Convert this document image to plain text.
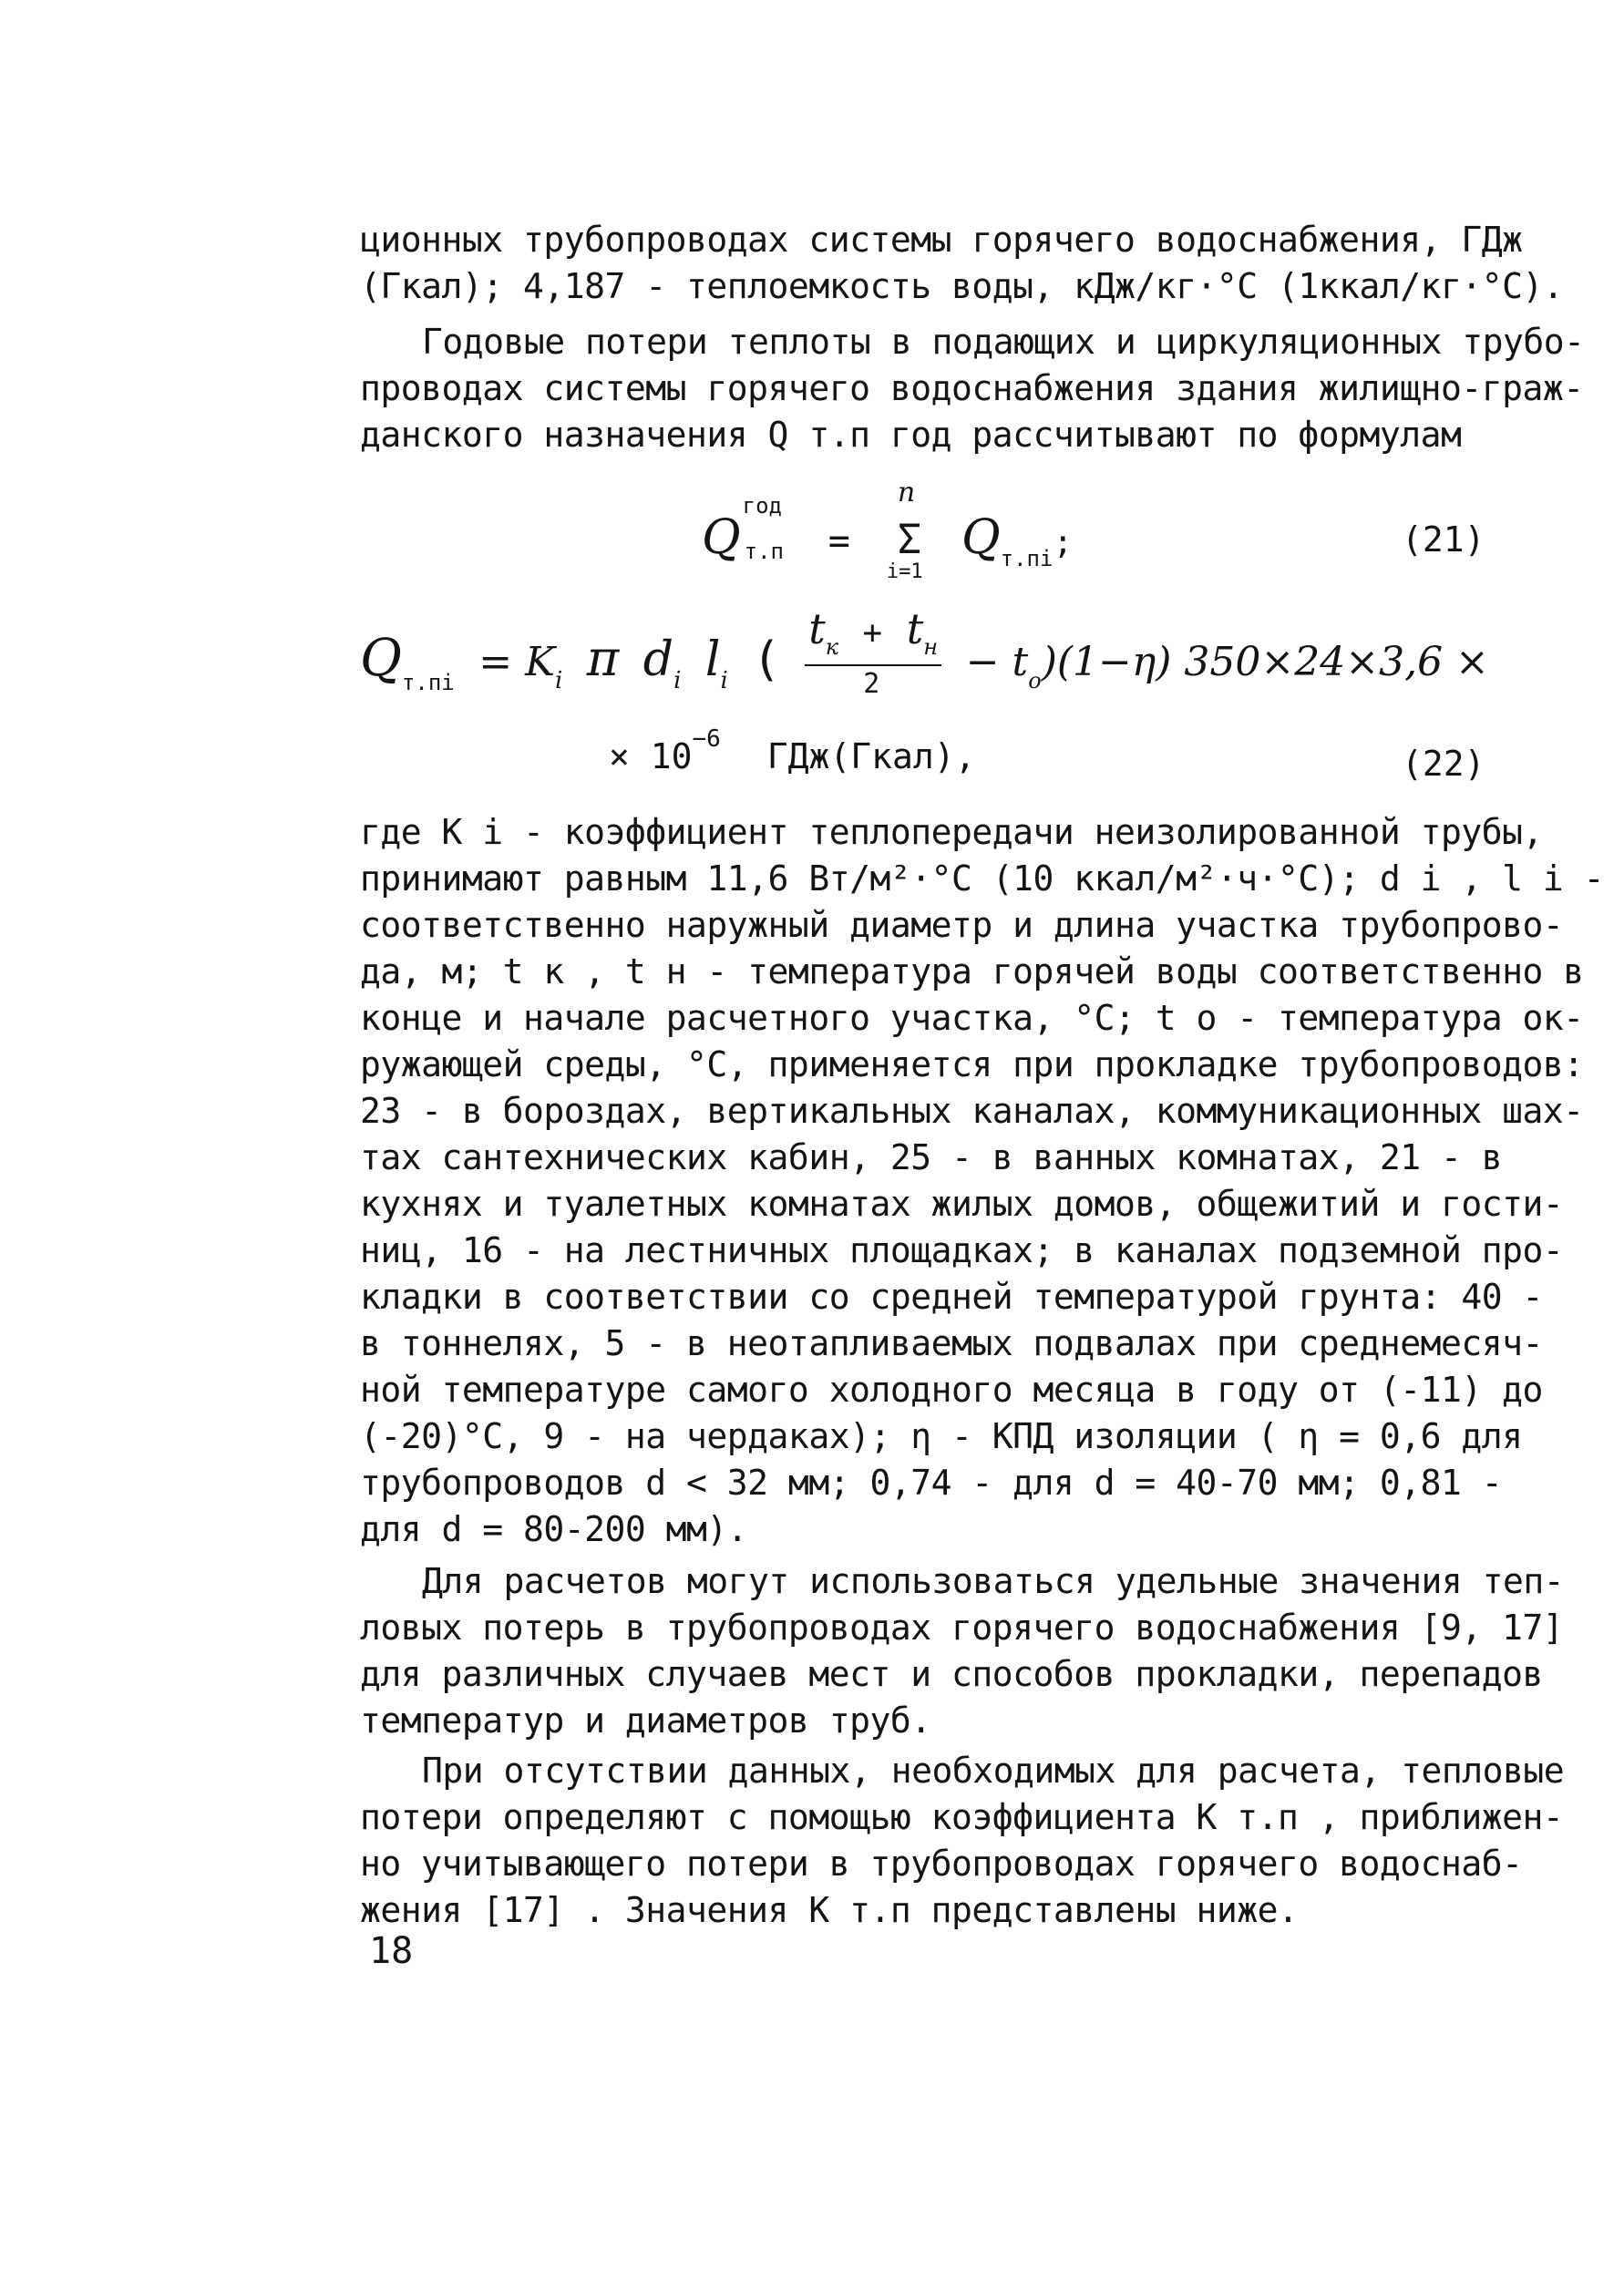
ционных трубопроводах системы горячего водоснабжения, ГДж
(Гкал); 4,187 - теплоемкость воды, кДж/кг·°С (1ккал/кг·°С).
Годовые потери теплоты в подающих и циркуляционных трубо-
проводах системы горячего водоснабжения здания жилищно-граж-
данского назначения Q т.п год рассчитывают по формулам
Q
год
т.п =
n
Σ
i=1
$Q_{т.пi}$;	(21)
$Q_{т.пi} = K_i$ π $d_i$ $l_i$ (
$t_к + t_н$
$2 - t_о)(1-\eta)$ 350×24×3,6 ×
× $10^{-6}$ ГДж(Гкал),	(22)
где K i - коэффициент теплопередачи неизолированной трубы,
принимают равным 11,6 Вт/м²·°С (10 ккал/м²·ч·°С); d i , l i -
соответственно наружный диаметр и длина участка трубопрово-
да, м; t к , t н - температура горячей воды соответственно в
конце и начале расчетного участка, °С; t о - температура ок-
ружающей среды, °С, применяется при прокладке трубопроводов:
23 - в бороздах, вертикальных каналах, коммуникационных шах-
тах сантехнических кабин, 25 - в ванных комнатах, 21 - в
кухнях и туалетных комнатах жилых домов, общежитий и гости-
ниц, 16 - на лестничных площадках; в каналах подземной про-
кладки в соответствии со средней температурой грунта: 40 -
в тоннелях, 5 - в неотапливаемых подвалах при среднемесяч-
ной температуре самого холодного месяца в году от (-11) до
(-20)°С, 9 - на чердаках); η - КПД изоляции ( η = 0,6 для
трубопроводов d < 32 мм; 0,74 - для d = 40-70 мм; 0,81 -
для d = 80-200 мм).
Для расчетов могут использоваться удельные значения теп-
ловых потерь в трубопроводах горячего водоснабжения [9, 17]
для различных случаев мест и способов прокладки, перепадов
температур и диаметров труб.
При отсутствии данных, необходимых для расчета, тепловые
потери определяют с помощью коэффициента K т.п , приближен-
но учитывающего потери в трубопроводах горячего водоснаб-
жения [17] . Значения K т.п представлены ниже.
18
